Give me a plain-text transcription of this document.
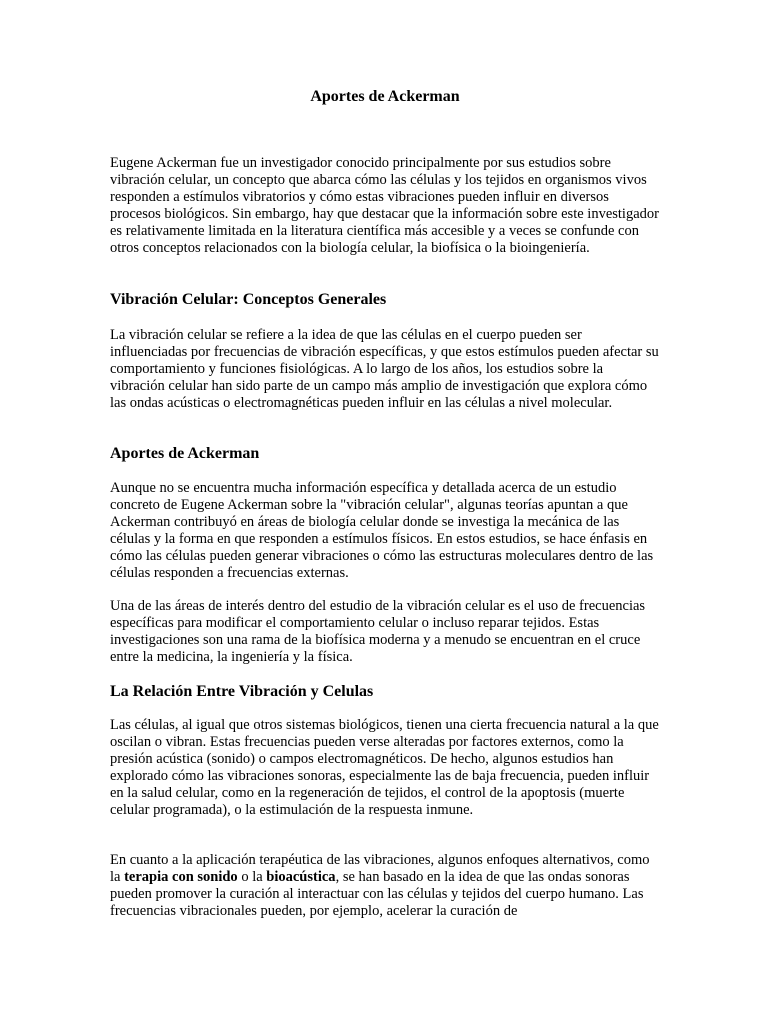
Aportes de Ackerman

Eugene Ackerman fue un investigador conocido principalmente por sus estudios sobre vibración celular, un concepto que abarca cómo las células y los tejidos en organismos vivos responden a estímulos vibratorios y cómo estas vibraciones pueden influir en diversos procesos biológicos. Sin embargo, hay que destacar que la información sobre este investigador es relativamente limitada en la literatura científica más accesible y a veces se confunde con otros conceptos relacionados con la biología celular, la biofísica o la bioingeniería.

Vibración Celular: Conceptos Generales

La vibración celular se refiere a la idea de que las células en el cuerpo pueden ser influenciadas por frecuencias de vibración específicas, y que estos estímulos pueden afectar su comportamiento y funciones fisiológicas. A lo largo de los años, los estudios sobre la vibración celular han sido parte de un campo más amplio de investigación que explora cómo las ondas acústicas o electromagnéticas pueden influir en las células a nivel molecular.

Aportes de Ackerman

Aunque no se encuentra mucha información específica y detallada acerca de un estudio concreto de Eugene Ackerman sobre la "vibración celular", algunas teorías apuntan a que Ackerman contribuyó en áreas de biología celular donde se investiga la mecánica de las células y la forma en que responden a estímulos físicos. En estos estudios, se hace énfasis en cómo las células pueden generar vibraciones o cómo las estructuras moleculares dentro de las células responden a frecuencias externas.

Una de las áreas de interés dentro del estudio de la vibración celular es el uso de frecuencias específicas para modificar el comportamiento celular o incluso reparar tejidos. Estas investigaciones son una rama de la biofísica moderna y a menudo se encuentran en el cruce entre la medicina, la ingeniería y la física.

La Relación Entre Vibración y Celulas

Las células, al igual que otros sistemas biológicos, tienen una cierta frecuencia natural a la que oscilan o vibran. Estas frecuencias pueden verse alteradas por factores externos, como la presión acústica (sonido) o campos electromagnéticos. De hecho, algunos estudios han explorado cómo las vibraciones sonoras, especialmente las de baja frecuencia, pueden influir en la salud celular, como en la regeneración de tejidos, el control de la apoptosis (muerte celular programada), o la estimulación de la respuesta inmune.

En cuanto a la aplicación terapéutica de las vibraciones, algunos enfoques alternativos, como la terapia con sonido o la bioacústica, se han basado en la idea de que las ondas sonoras pueden promover la curación al interactuar con las células y tejidos del cuerpo humano. Las frecuencias vibracionales pueden, por ejemplo, acelerar la curación de
